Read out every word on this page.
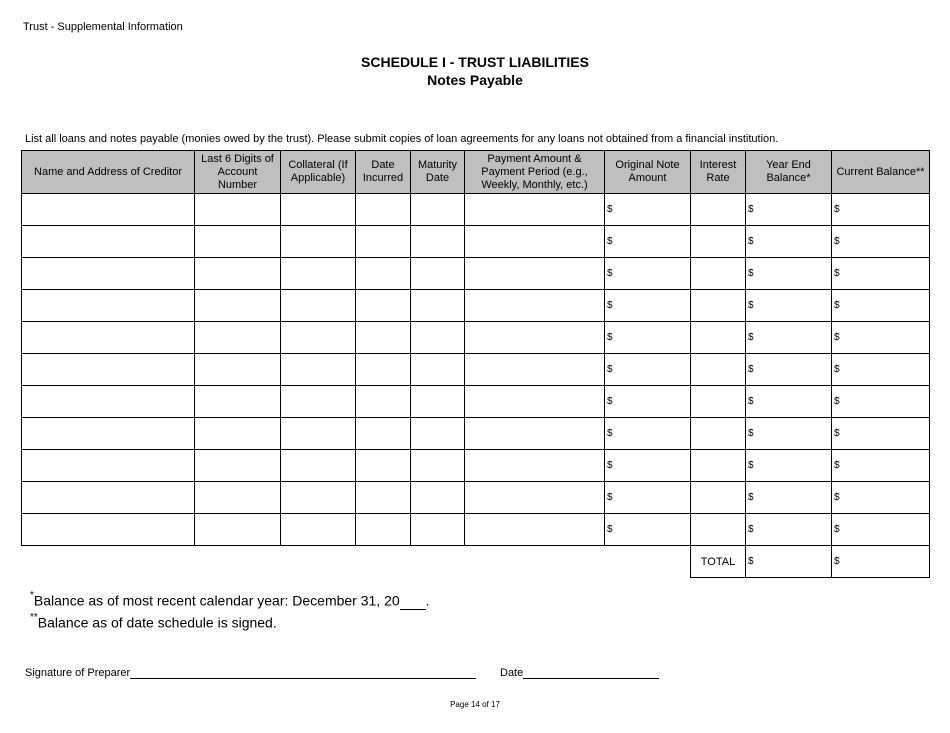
Trust - Supplemental Information
SCHEDULE I - TRUST LIABILITIES
Notes Payable
List all loans and notes payable (monies owed by the trust). Please submit copies of loan agreements for any loans not obtained from a financial institution.
Name and Address of Creditor	Last 6 Digits of Account Number	Collateral (If Applicable)	Date Incurred	Maturity Date	Payment Amount & Payment Period (e.g., Weekly, Monthly, etc.)	Original Note Amount	Interest Rate	Year End Balance*	Current Balance**
						$		$	$
						$		$	$
						$		$	$
						$		$	$
						$		$	$
						$		$	$
						$		$	$
						$		$	$
						$		$	$
						$		$	$
						$		$	$
							TOTAL	$	$
*Balance as of most recent calendar year: December 31, 20 .
**Balance as of date schedule is signed.
Signature of Preparer	Date
Page 14 of 17
